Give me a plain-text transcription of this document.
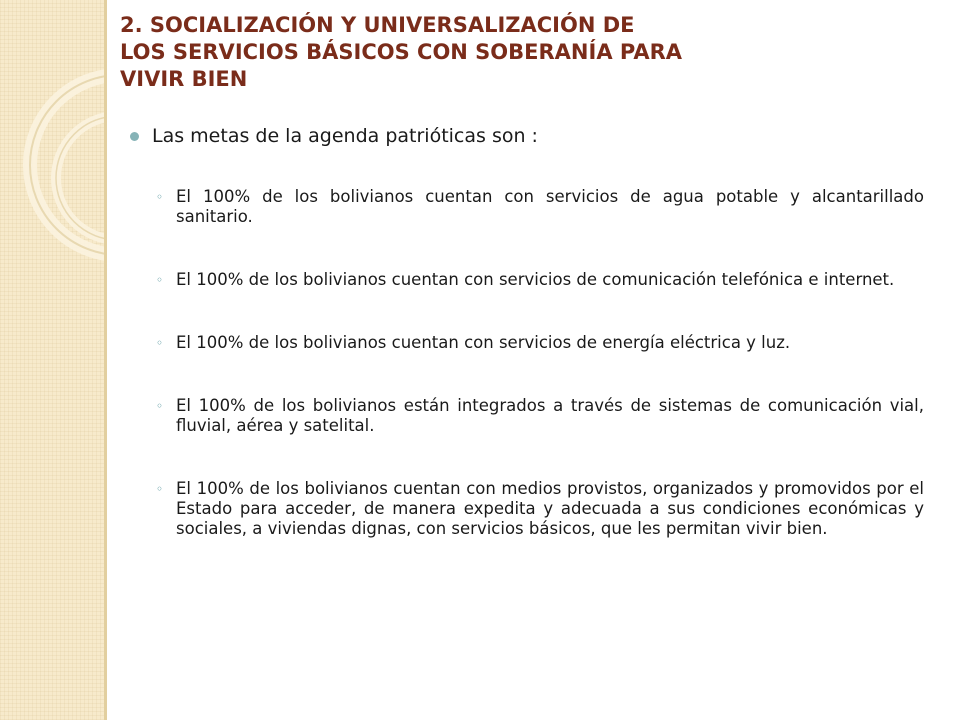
2. SOCIALIZACIÓN Y UNIVERSALIZACIÓN DE
LOS SERVICIOS BÁSICOS CON SOBERANÍA PARA
VIVIR BIEN

Las metas de la agenda patrióticas son :

◦ El 100% de los bolivianos cuentan con servicios de agua potable y alcantarillado sanitario.
◦ El 100% de los bolivianos cuentan con servicios de comunicación telefónica e internet.
◦ El 100% de los bolivianos cuentan con servicios de energía eléctrica y luz.
◦ El 100% de los bolivianos están integrados a través de sistemas de comunicación vial, fluvial, aérea y satelital.
◦ El 100% de los bolivianos cuentan con medios provistos, organizados y promovidos por el Estado para acceder, de manera expedita y adecuada a sus condiciones económicas y sociales, a viviendas dignas, con servicios básicos, que les permitan vivir bien.
